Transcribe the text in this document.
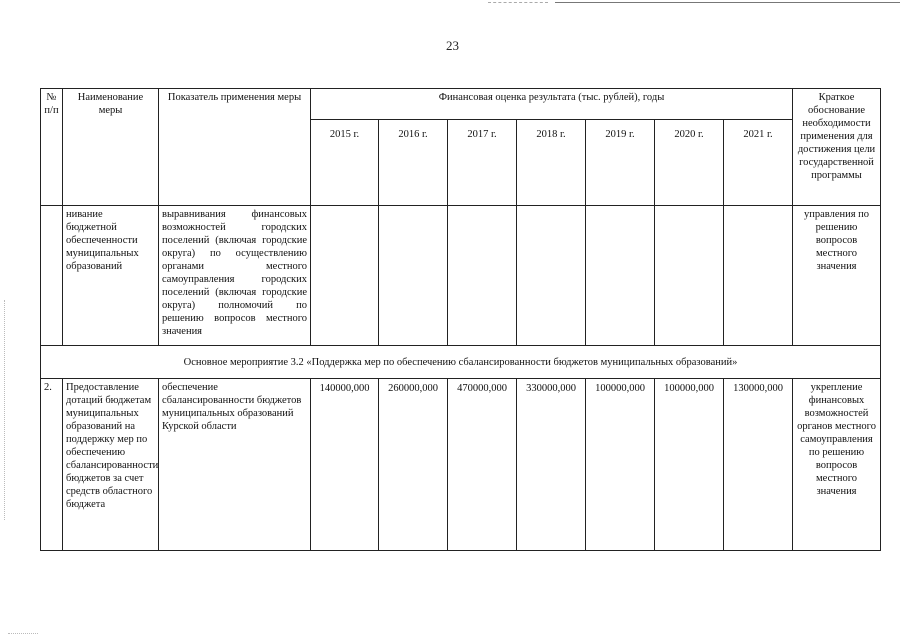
23
№ п/п	Наименование меры	Показатель применения меры	Финансовая оценка результата (тыс. рублей), годы							Краткое обоснование необходимости применения для достижения цели государственной программы
			2015 г.	2016 г.	2017 г.	2018 г.	2019 г.	2020 г.	2021 г.	
	нивание бюджетной обеспеченности муниципальных образований	выравнивания финансовых возможностей городских поселений (включая городские округа) по осуществлению органами местного самоуправления городских поселений (включая городские округа) полномочий по решению вопросов местного значения								управления по решению вопросов местного значения
Основное мероприятие 3.2 «Поддержка мер по обеспечению сбалансированности бюджетов муниципальных образований»										
2.	Предоставление дотаций бюджетам муниципальных образований на поддержку мер по обеспечению сбалансированности бюджетов за счет средств областного бюджета	обеспечение сбалансированности бюджетов муниципальных образований Курской области	140000,000	260000,000	470000,000	330000,000	100000,000	100000,000	130000,000	укрепление финансовых возможностей органов местного самоуправления по решению вопросов местного значения
